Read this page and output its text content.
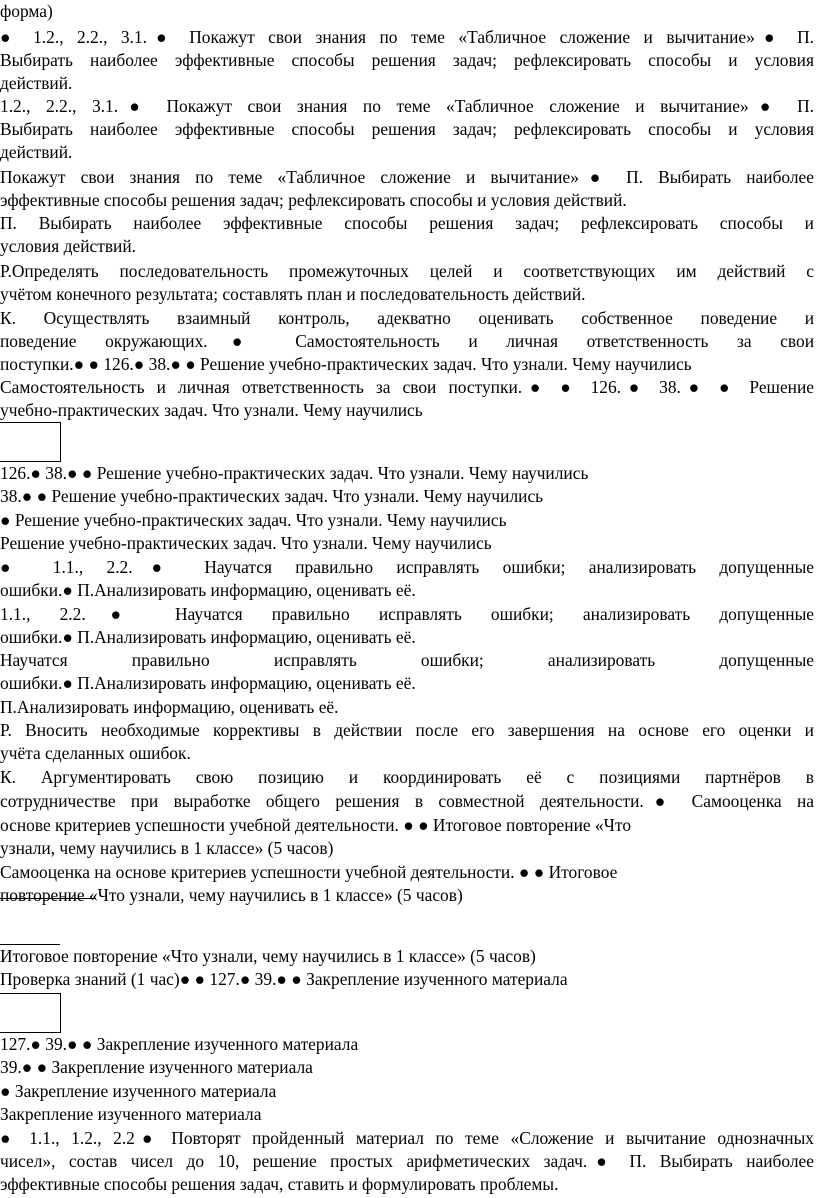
форма)
● 1.2., 2.2., 3.1.● Покажут свои знания по теме «Табличное сложение и вычитание»● П.
Выбирать наиболее эффективные способы решения задач; рефлексировать способы и условия
действий.
1.2., 2.2., 3.1.● Покажут свои знания по теме «Табличное сложение и вычитание»● П.
Выбирать наиболее эффективные способы решения задач; рефлексировать способы и условия
действий.
Покажут свои знания по теме «Табличное сложение и вычитание»● П. Выбирать наиболее
эффективные способы решения задач; рефлексировать способы и условия действий.
П. Выбирать наиболее эффективные способы решения задач; рефлексировать способы и
условия действий.
Р.Определять последовательность промежуточных целей и соответствующих им действий с
учётом конечного результата; составлять план и последовательность действий.
К. Осуществлять взаимный контроль, адекватно оценивать собственное поведение и
поведение окружающих.● Самостоятельность и личная ответственность за свои
поступки.● ● 126.● 38.● ● Решение учебно-практических задач. Что узнали. Чему научились
Самостоятельность и личная ответственность за свои поступки.● ● 126.● 38.● ● Решение
учебно-практических задач. Что узнали. Чему научились
126.● 38.● ● Решение учебно-практических задач. Что узнали. Чему научились
38.● ● Решение учебно-практических задач. Что узнали. Чему научились
● Решение учебно-практических задач. Что узнали. Чему научились
Решение учебно-практических задач. Что узнали. Чему научились
● 1.1., 2.2.● Научатся правильно исправлять ошибки; анализировать допущенные
ошибки.● П.Анализировать информацию, оценивать её.
1.1., 2.2.● Научатся правильно исправлять ошибки; анализировать допущенные
ошибки.● П.Анализировать информацию, оценивать её.
Научатся правильно исправлять ошибки; анализировать допущенные
ошибки.● П.Анализировать информацию, оценивать её.
П.Анализировать информацию, оценивать её.
Р. Вносить необходимые коррективы в действии после его завершения на основе его оценки и
учёта сделанных ошибок.
К. Аргументировать свою позицию и координировать её с позициями партнёров в
сотрудничестве при выработке общего решения в совместной деятельности.● Самооценка на
основе критериев успешности учебной деятельности. ● ● Итоговое повторение «Что
узнали, чему научились в 1 классе» (5 часов)
Самооценка на основе критериев успешности учебной деятельности. ● ● Итоговое
повторение «Что узнали, чему научились в 1 классе» (5 часов)
Итоговое повторение «Что узнали, чему научились в 1 классе» (5 часов)
Проверка знаний (1 час)● ● 127.● 39.● ● Закрепление изученного материала
127.● 39.● ● Закрепление изученного материала
39.● ● Закрепление изученного материала
● Закрепление изученного материала
Закрепление изученного материала
● 1.1., 1.2., 2.2● Повторят пройденный материал по теме «Сложение и вычитание однозначных
чисел», состав чисел до 10, решение простых арифметических задач.● П. Выбирать наиболее
эффективные способы решения задач, ставить и формулировать проблемы.
